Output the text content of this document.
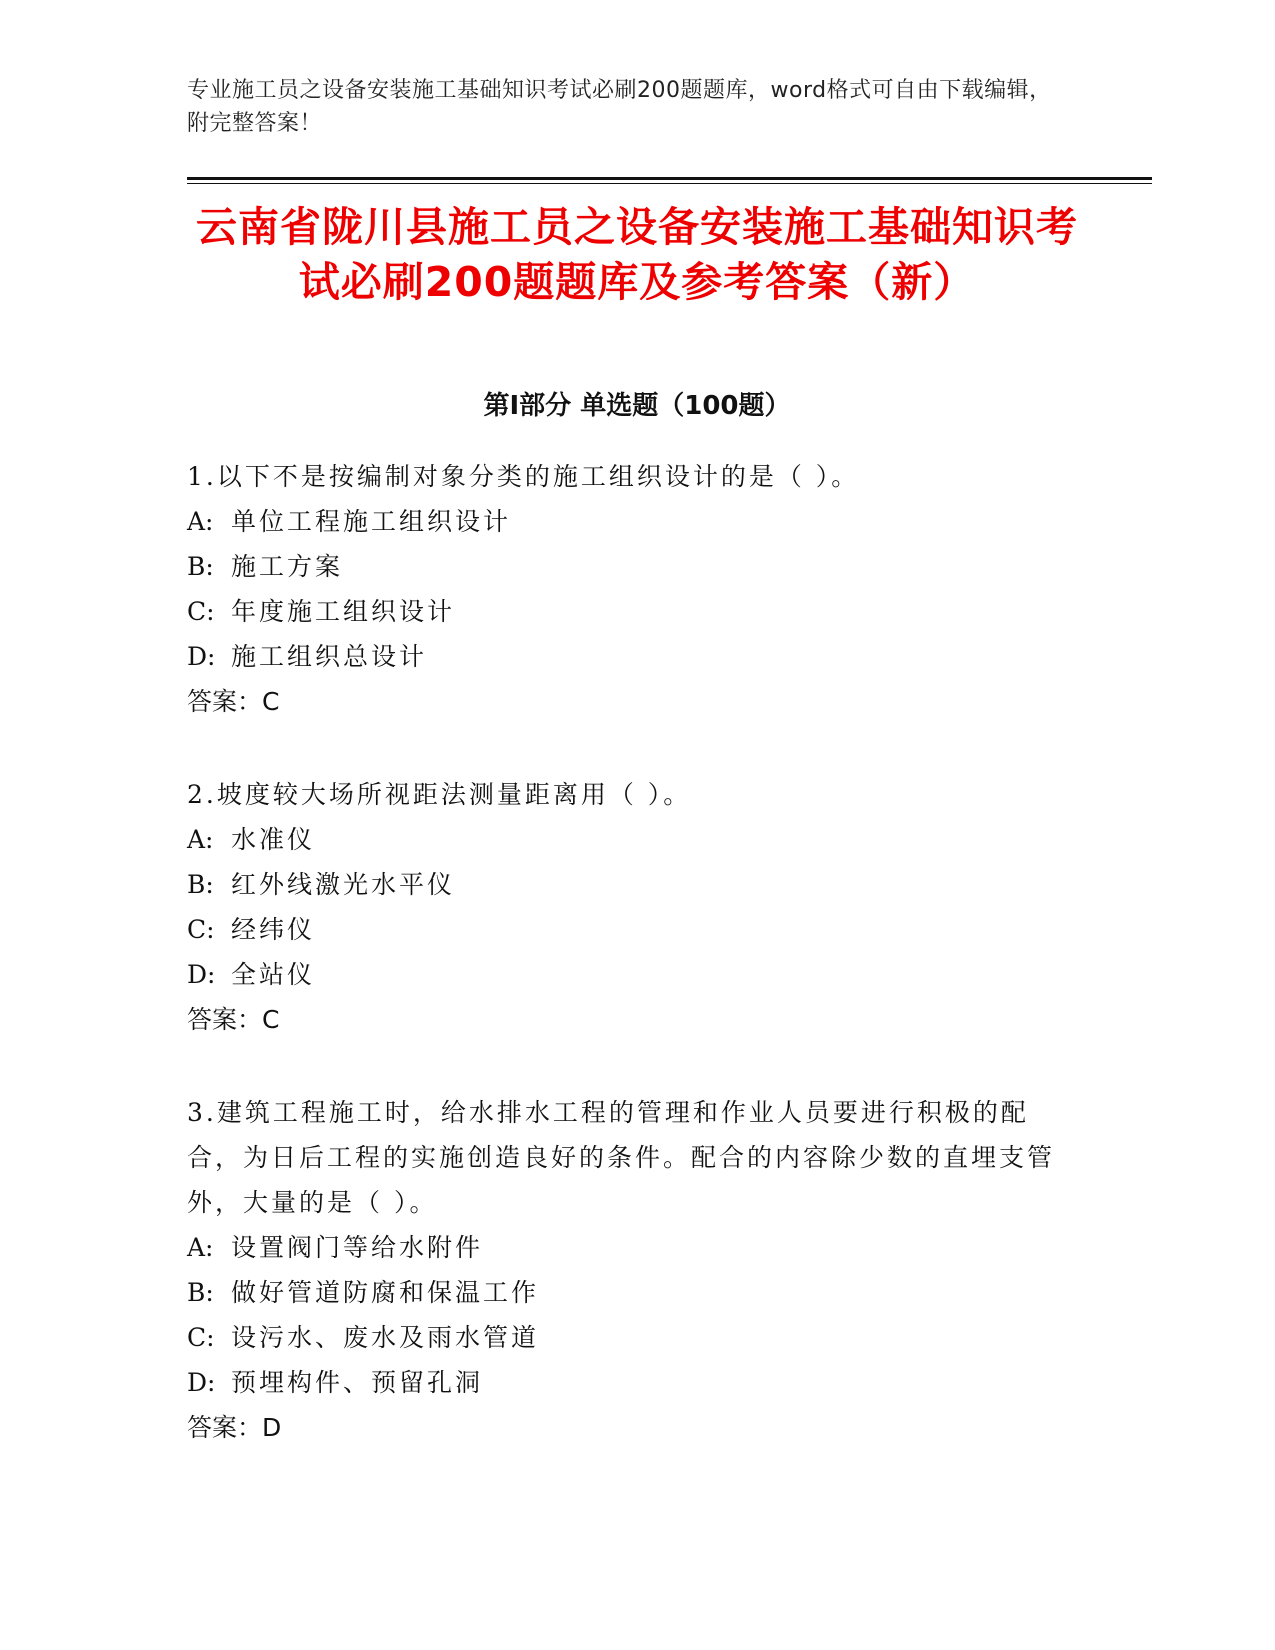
专业施工员之设备安装施工基础知识考试必刷200题题库，word格式可自由下载编辑，附完整答案！
云南省陇川县施工员之设备安装施工基础知识考试必刷200题题库及参考答案（新）
第Ⅰ部分 单选题（100题）

1.以下不是按编制对象分类的施工组织设计的是（ ）。

A: 单位工程施工组织设计

B: 施工方案

C: 年度施工组织设计

D: 施工组织总设计

答案：C

2.坡度较大场所视距法测量距离用（ ）。

A: 水准仪

B: 红外线激光水平仪

C: 经纬仪

D: 全站仪

答案：C

3.建筑工程施工时，给水排水工程的管理和作业人员要进行积极的配合，为日后工程的实施创造良好的条件。配合的内容除少数的直埋支管外，大量的是（ ）。

A: 设置阀门等给水附件

B: 做好管道防腐和保温工作

C: 设污水、废水及雨水管道

D: 预埋构件、预留孔洞

答案：D
